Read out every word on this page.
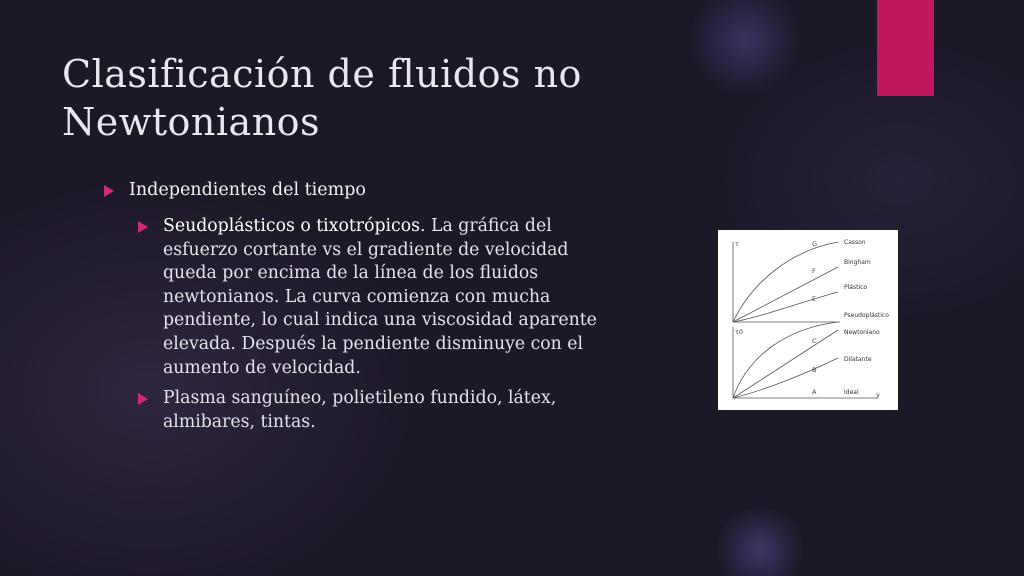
Clasificación de fluidos no Newtonianos
Independientes del tiempo
Seudoplásticos o tixotrópicos. La gráfica del esfuerzo cortante vs el gradiente de velocidad queda por encima de la línea de los fluidos newtonianos. La curva comienza con mucha pendiente, lo cual indica una viscosidad aparente elevada. Después la pendiente disminuye con el aumento de velocidad.
Plasma sanguíneo, polietileno fundido, látex, almibares, tintas.
τ
τ0
γ̇
G
F
E
C
B
A
Casson
Bingham
Plástico
Pseudoplástico
Newtoniano
Dilatante
Ideal
